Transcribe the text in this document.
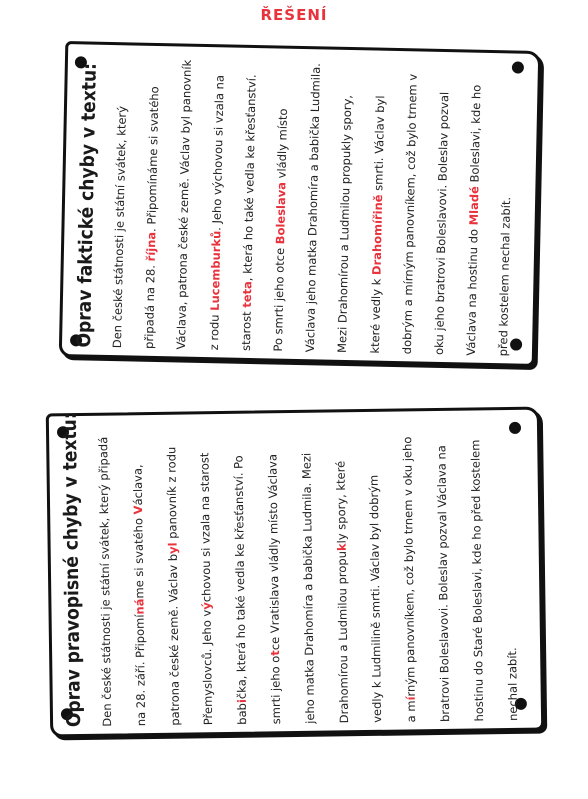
ŘEŠENÍ
Oprav faktické chyby v textu: Den české státnosti je státní svátek, který	připadá na 28. října. Připomínáme si svatého	Václava, patrona české země. Václav byl panovník	z rodu Lucemburků. Jeho výchovou si vzala na
starost teta, která ho také vedla ke křesťanství.
Po smrti jeho otce Boleslava vládly místo	Václava jeho matka Drahomíra a babička Ludmila.	Mezi Drahomírou a Ludmilou propukly spory,	které vedly k Drahomířině smrti. Václav byl	dobrým a mírným panovníkem, což bylo trnem v	oku jeho bratrovi Boleslavovi. Boleslav pozval	Václava na hostinu do Mladé Boleslavi, kde ho
před kostelem nechal zabít.
Oprav pravopisné chyby v textu: Den české státnosti je státní svátek, který připadá	na 28. září. Připomínáme si svatého Václava,
patrona české země. Václav byl panovník z rodu
Přemyslovců. Jeho výchovou si vzala na starost
babička, která ho také vedla ke křesťanství. Po	smrti jeho otce Vratislava vládly místo Václava	jeho matka Drahomíra a babička Ludmila. Mezi	Drahomírou a Ludmilou propukly spory, které	vedly k Ludmilině smrti. Václav byl dobrým	a mírným panovníkem, což bylo trnem v oku jeho	bratrovi Boleslavovi. Boleslav pozval Václava na	hostinu do Staré Boleslavi, kde ho před kostelem	nechal zabít.
